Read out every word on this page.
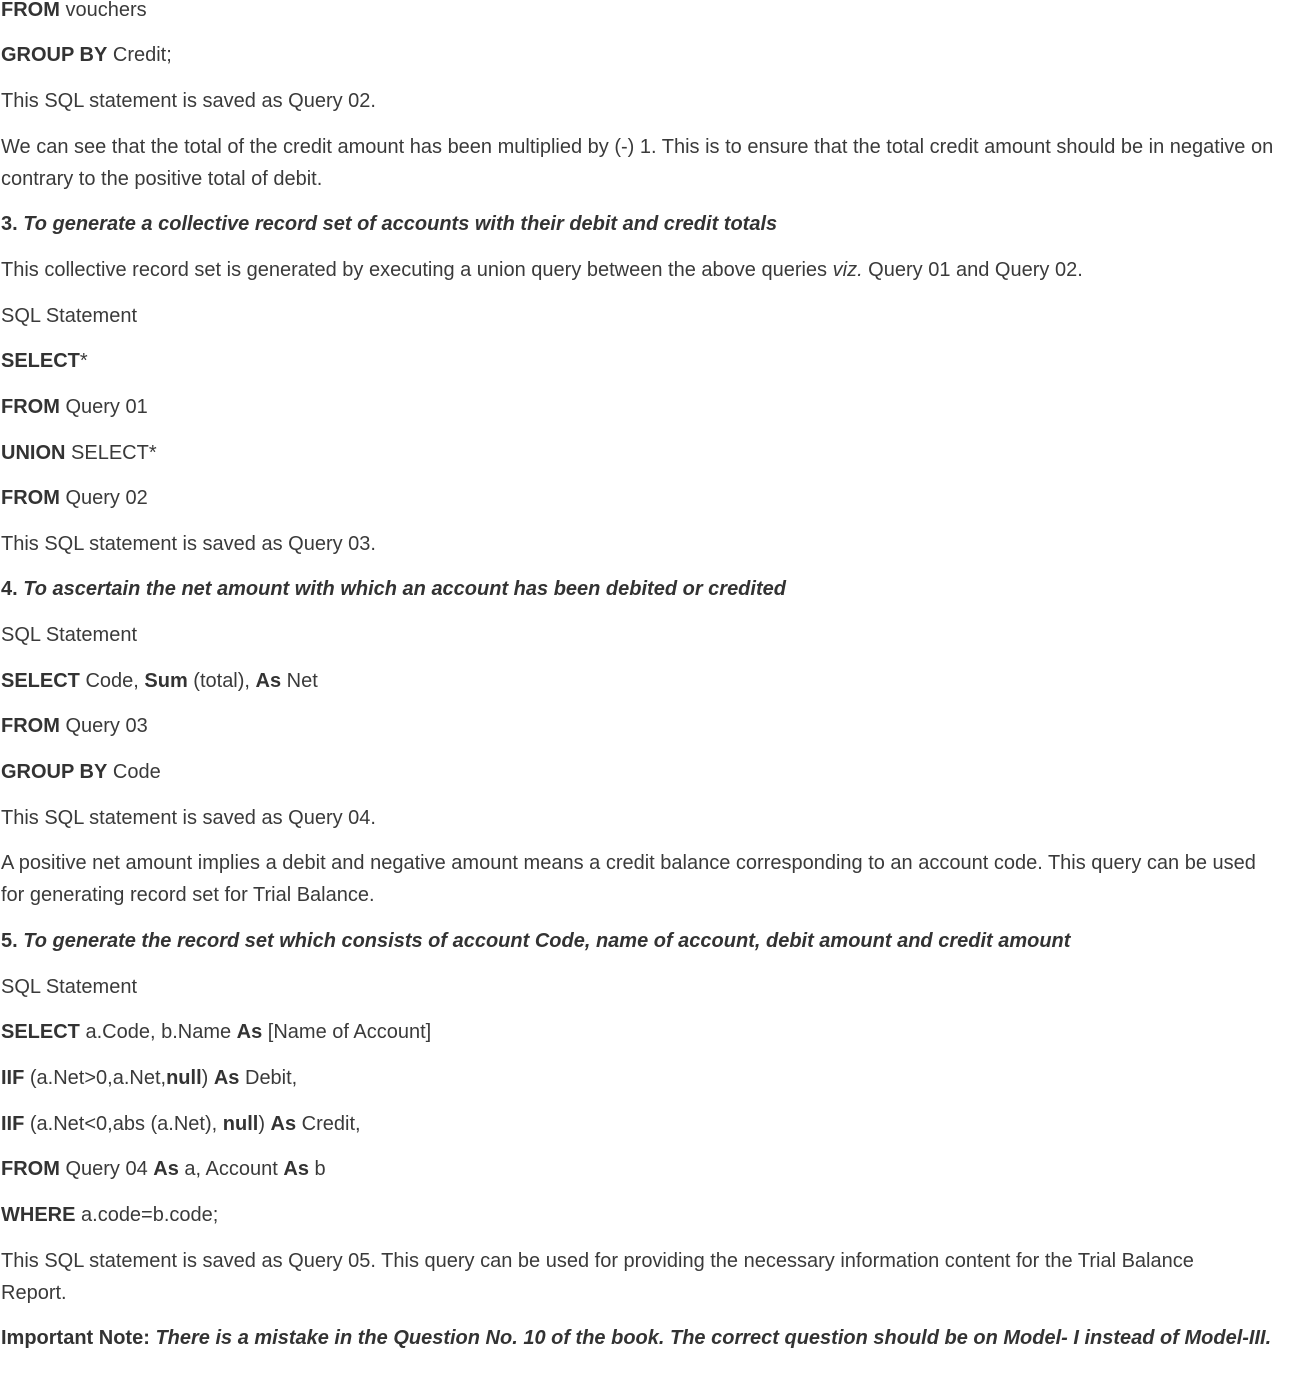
FROM vouchers
GROUP BY Credit;
This SQL statement is saved as Query 02.
We can see that the total of the credit amount has been multiplied by (-) 1. This is to ensure that the total credit amount should be in negative on contrary to the positive total of debit.
3. To generate a collective record set of accounts with their debit and credit totals
This collective record set is generated by executing a union query between the above queries viz. Query 01 and Query 02.
SQL Statement
SELECT*
FROM Query 01
UNION SELECT*
FROM Query 02
This SQL statement is saved as Query 03.
4. To ascertain the net amount with which an account has been debited or credited
SQL Statement
SELECT Code, Sum (total), As Net
FROM Query 03
GROUP BY Code
This SQL statement is saved as Query 04.
A positive net amount implies a debit and negative amount means a credit balance corresponding to an account code. This query can be used for generating record set for Trial Balance.
5. To generate the record set which consists of account Code, name of account, debit amount and credit amount
SQL Statement
SELECT a.Code, b.Name As [Name of Account]
IIF (a.Net>0,a.Net,null) As Debit,
IIF (a.Net<0,abs (a.Net), null) As Credit,
FROM Query 04 As a, Account As b
WHERE a.code=b.code;
This SQL statement is saved as Query 05. This query can be used for providing the necessary information content for the Trial Balance Report.
Important Note: There is a mistake in the Question No. 10 of the book. The correct question should be on Model- I instead of Model-III.
